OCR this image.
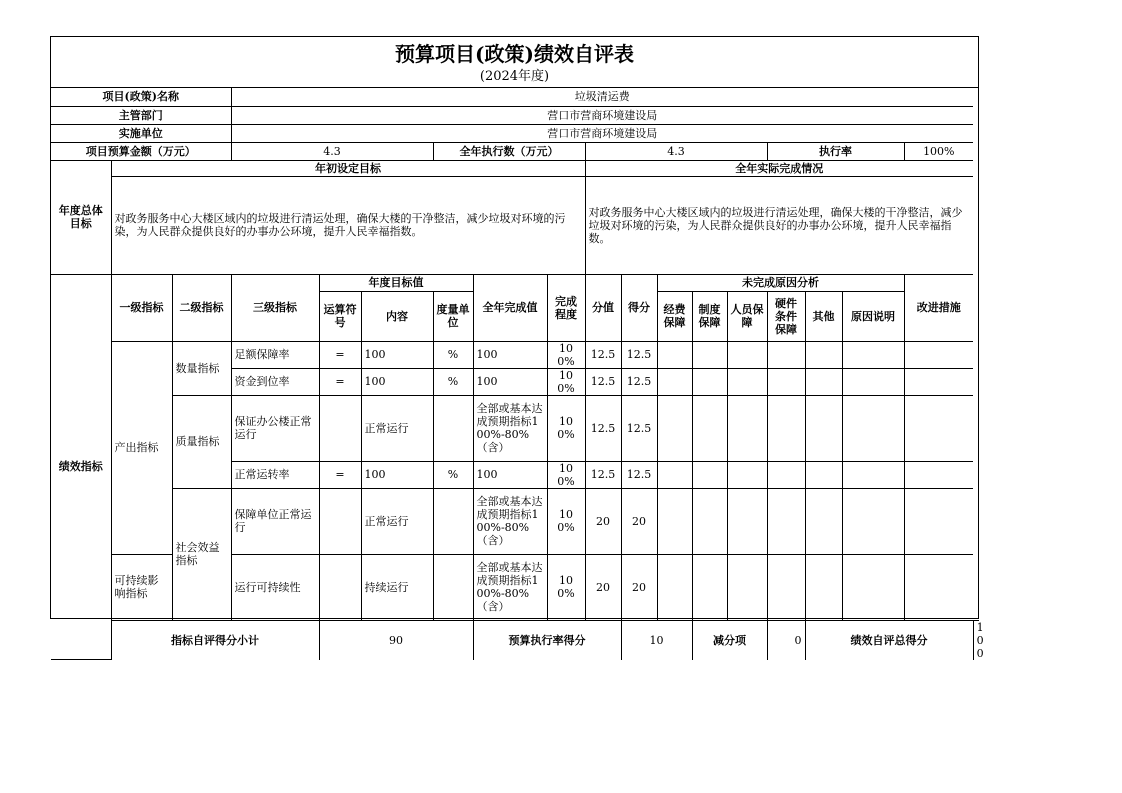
预算项目(政策)绩效自评表
(2024年度)
项目(政策)名称			垃圾清运费															
主管部门			营口市营商环境建设局															
实施单位			营口市营商环境建设局															
项目预算金额（万元）			4.3			全年执行数（万元）			4.3					执行率			100%	
年度总体目标	年初设定目标								全年实际完成情况									
	对政务服务中心大楼区域内的垃圾进行清运处理，确保大楼的干净整洁，减少垃圾对环境的污染，为人民群众提供良好的办事办公环境，提升人民幸福指数。								对政务服务中心大楼区域内的垃圾进行清运处理，确保大楼的干净整洁，减少垃圾对环境的污染，为人民群众提供良好的办事办公环境，提升人民幸福指数。									
绩效指标	一级指标	二级指标	三级指标	年度目标值			全年完成值	完成程度	分值	得分	未完成原因分析						改进措施	
				运算符号	内容	度量单位					经费保障	制度保障	人员保障	硬件条件保障	其他	原因说明		
	产出指标	数量指标	足额保障率	=	100	%	100	100%	12.5	12.5								
			资金到位率	=	100	%	100	100%	12.5	12.5								
		质量指标	保证办公楼正常运行		正常运行		全部或基本达成预期指标100%-80%（含）	100%	12.5	12.5								
			正常运转率	=	100	%	100	100%	12.5	12.5								
		社会效益指标	保障单位正常运行		正常运行		全部或基本达成预期指标100%-80%（含）	100%	20	20								
	可持续影响指标		运行可持续性		持续运行		全部或基本达成预期指标100%-80%（含）	100%	20	20								
	指标自评得分小计			90			预算执行率得分			10		减分项		0	绩效自评总得分			100
